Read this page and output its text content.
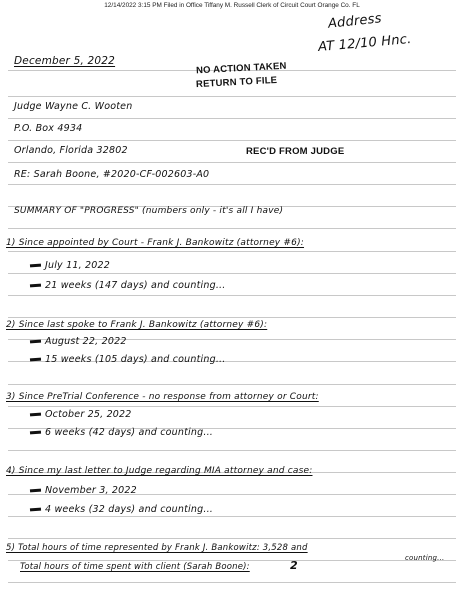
12/14/2022 3:15 PM Filed in Office Tiffany M. Russell Clerk of Circuit Court Orange Co. FL
Address
AT 12/10 Hnc.
December 5, 2022	NO ACTION TAKEN
RETURN TO FILE
REC'D FROM JUDGE
Judge Wayne C. Wooten
P.O. Box 4934
Orlando, Florida 32802
RE: Sarah Boone, #2020-CF-002603-A0
SUMMARY OF "PROGRESS" (numbers only - it's all I have)
1) Since appointed by Court - Frank J. Bankowitz (attorney #6):
July 11, 2022
21 weeks (147 days) and counting...
2) Since last spoke to Frank J. Bankowitz (attorney #6):
August 22, 2022
15 weeks (105 days) and counting...
3) Since PreTrial Conference - no response from attorney or Court:
October 25, 2022
6 weeks (42 days) and counting...
4) Since my last letter to Judge regarding MIA attorney and case:
November 3, 2022
4 weeks (32 days) and counting...
5) Total hours of time represented by Frank J. Bankowitz: 3,528 and
counting...
Total hours of time spent with client (Sarah Boone):	2
